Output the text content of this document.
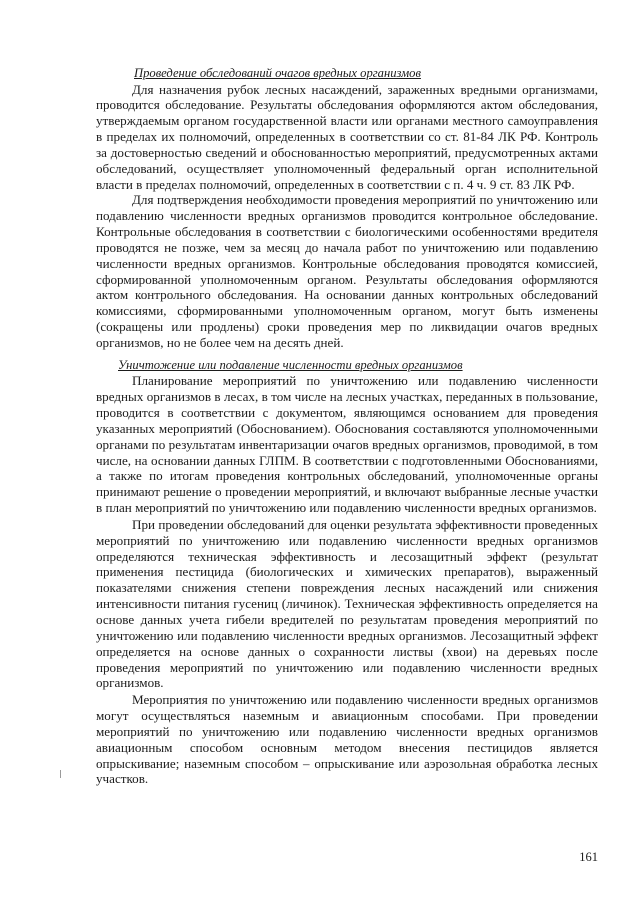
Проведение обследований очагов вредных организмов

Для назначения рубок лесных насаждений, зараженных вредными организмами, проводится обследование. Результаты обследования оформляются актом обследования, утверждаемым органом государственной власти или органами местного самоуправления в пределах их полномочий, определенных в соответствии со ст. 81-84 ЛК РФ. Контроль за достоверностью сведений и обоснованностью мероприятий, предусмотренных актами обследований, осуществляет уполномоченный федеральный орган исполнительной власти в пределах полномочий, определенных в соответствии с п. 4 ч. 9 ст. 83 ЛК РФ.

Для подтверждения необходимости проведения мероприятий по уничтожению или подавлению численности вредных организмов проводится контрольное обследование. Контрольные обследования в соответствии с биологическими особенностями вредителя проводятся не позже, чем за месяц до начала работ по уничтожению или подавлению численности вредных организмов. Контрольные обследования проводятся комиссией, сформированной уполномоченным органом. Результаты обследования оформляются актом контрольного обследования. На основании данных контрольных обследований комиссиями, сформированными уполномоченным органом, могут быть изменены (сокращены или продлены) сроки проведения мер по ликвидации очагов вредных организмов, но не более чем на десять дней.

Уничтожение или подавление численности вредных организмов

Планирование мероприятий по уничтожению или подавлению численности вредных организмов в лесах, в том числе на лесных участках, переданных в пользование, проводится в соответствии с документом, являющимся основанием для проведения указанных мероприятий (Обоснованием). Обоснования составляются уполномоченными органами по результатам инвентаризации очагов вредных организмов, проводимой, в том числе, на основании данных ГЛПМ. В соответствии с подготовленными Обоснованиями, а также по итогам проведения контрольных обследований, уполномоченные органы принимают решение о проведении мероприятий, и включают выбранные лесные участки в план мероприятий по уничтожению или подавлению численности вредных организмов.

При проведении обследований для оценки результата эффективности проведенных мероприятий по уничтожению или подавлению численности вредных организмов определяются техническая эффективность и лесозащитный эффект (результат применения пестицида (биологических и химических препаратов), выраженный показателями снижения степени повреждения лесных насаждений или снижения интенсивности питания гусениц (личинок). Техническая эффективность определяется на основе данных учета гибели вредителей по результатам проведения мероприятий по уничтожению или подавлению численности вредных организмов. Лесозащитный эффект определяется на основе данных о сохранности листвы (хвои) на деревьях после проведения мероприятий по уничтожению или подавлению численности вредных организмов.

Мероприятия по уничтожению или подавлению численности вредных организмов могут осуществляться наземным и авиационным способами. При проведении мероприятий по уничтожению или подавлению численности вредных организмов авиационным способом основным методом внесения пестицидов является опрыскивание; наземным способом – опрыскивание или аэрозольная обработка лесных участков.

161
